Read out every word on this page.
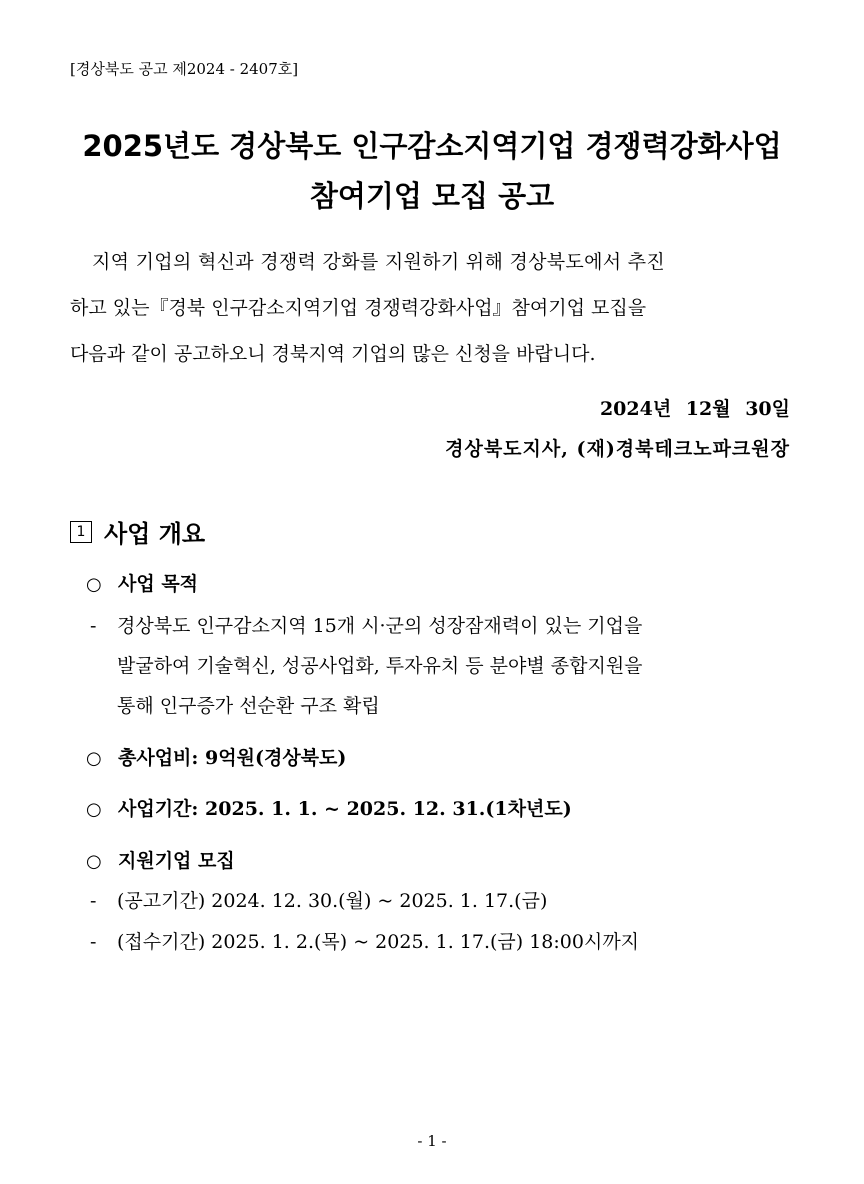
[경상북도 공고 제2024 - 2407호]
2025년도 경상북도 인구감소지역기업 경쟁력강화사업
참여기업 모집 공고
지역 기업의 혁신과 경쟁력 강화를 지원하기 위해 경상북도에서 추진
하고 있는『경북 인구감소지역기업 경쟁력강화사업』참여기업 모집을
다음과 같이 공고하오니 경북지역 기업의 많은 신청을 바랍니다.
2024년 12월 30일
경상북도지사, (재)경북테크노파크원장
1 사업 개요
○ 사업 목적
-	경상북도 인구감소지역 15개 시·군의 성장잠재력이 있는 기업을
발굴하여 기술혁신, 성공사업화, 투자유치 등 분야별 종합지원을
통해 인구증가 선순환 구조 확립
○ 총사업비: 9억원(경상북도)
○ 사업기간: 2025. 1. 1. ~ 2025. 12. 31.(1차년도)
○ 지원기업 모집
-	(공고기간) 2024. 12. 30.(월) ~ 2025. 1. 17.(금)
-	(접수기간) 2025. 1. 2.(목) ~ 2025. 1. 17.(금) 18:00시까지
- 1 -
